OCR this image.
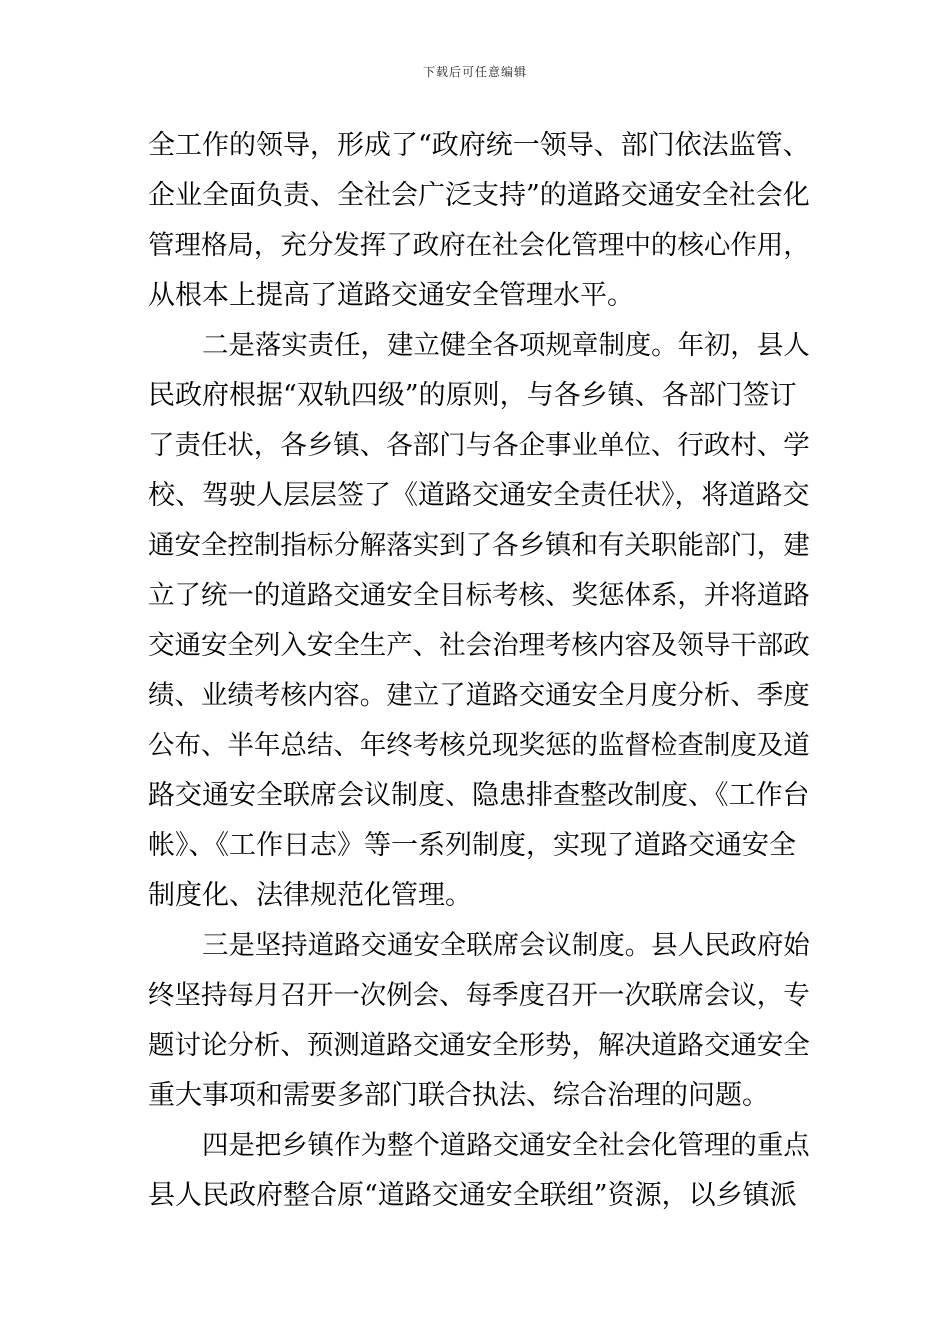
下载后可任意编辑
全工作的领导，形成了“政府统一领导、部门依法监管、
企业全面负责、全社会广泛支持”的道路交通安全社会化
管理格局，充分发挥了政府在社会化管理中的核心作用，
从根本上提高了道路交通安全管理水平。
二是落实责任，建立健全各项规章制度。年初，县人
民政府根据“双轨四级”的原则，与各乡镇、各部门签订
了责任状，各乡镇、各部门与各企事业单位、行政村、学
校、驾驶人层层签了《道路交通安全责任状》，将道路交
通安全控制指标分解落实到了各乡镇和有关职能部门，建
立了统一的道路交通安全目标考核、奖惩体系，并将道路
交通安全列入安全生产、社会治理考核内容及领导干部政
绩、业绩考核内容。建立了道路交通安全月度分析、季度
公布、半年总结、年终考核兑现奖惩的监督检查制度及道
路交通安全联席会议制度、隐患排查整改制度、《工作台
帐》、《工作日志》等一系列制度，实现了道路交通安全
制度化、法律规范化管理。
三是坚持道路交通安全联席会议制度。县人民政府始
终坚持每月召开一次例会、每季度召开一次联席会议，专
题讨论分析、预测道路交通安全形势，解决道路交通安全
重大事项和需要多部门联合执法、综合治理的问题。
四是把乡镇作为整个道路交通安全社会化管理的重点
县人民政府整合原“道路交通安全联组”资源，以乡镇派
